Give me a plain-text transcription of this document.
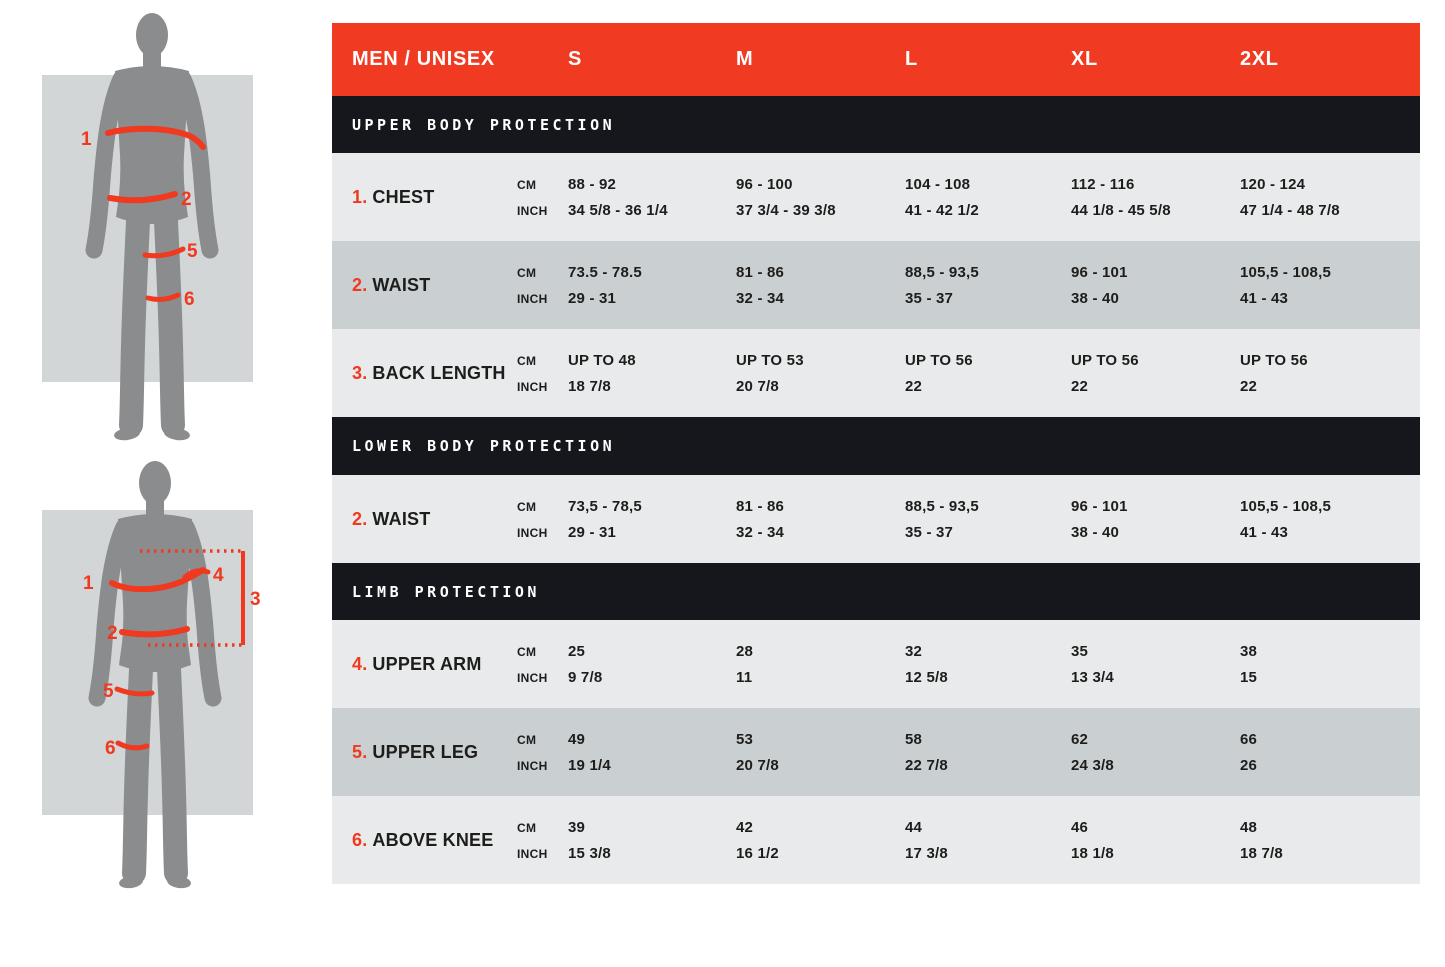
1
2
5
6
1	4
3
2
5
6
MEN / UNISEX	S	M	L	XL	2XL
UPPER BODY PROTECTION
1. CHEST
CM	88 - 92	96 - 100	104 - 108	112 - 116	120 - 124
INCH	34 5/8 - 36 1/4	37 3/4 - 39 3/8	41 - 42 1/2	44 1/8 - 45 5/8	47 1/4 - 48 7/8
2. WAIST
CM	73.5 - 78.5	81 - 86	88,5 - 93,5	96 - 101	105,5 - 108,5
INCH	29 - 31	32 - 34	35 - 37	38 - 40	41 - 43
3. BACK LENGTH
CM	UP TO 48	UP TO 53	UP TO 56	UP TO 56	UP TO 56
INCH	18 7/8	20 7/8	22	22	22
LOWER BODY PROTECTION
2. WAIST
CM	73,5 - 78,5	81 - 86	88,5 - 93,5	96 - 101	105,5 - 108,5
INCH	29 - 31	32 - 34	35 - 37	38 - 40	41 - 43
LIMB PROTECTION
4. UPPER ARM
CM	25	28	32	35	38
INCH	9 7/8	11	12 5/8	13 3/4	15
5. UPPER LEG
CM	49	53	58	62	66
INCH	19 1/4	20 7/8	22 7/8	24 3/8	26
6. ABOVE KNEE
CM	39	42	44	46	48
INCH	15 3/8	16 1/2	17 3/8	18 1/8	18 7/8
